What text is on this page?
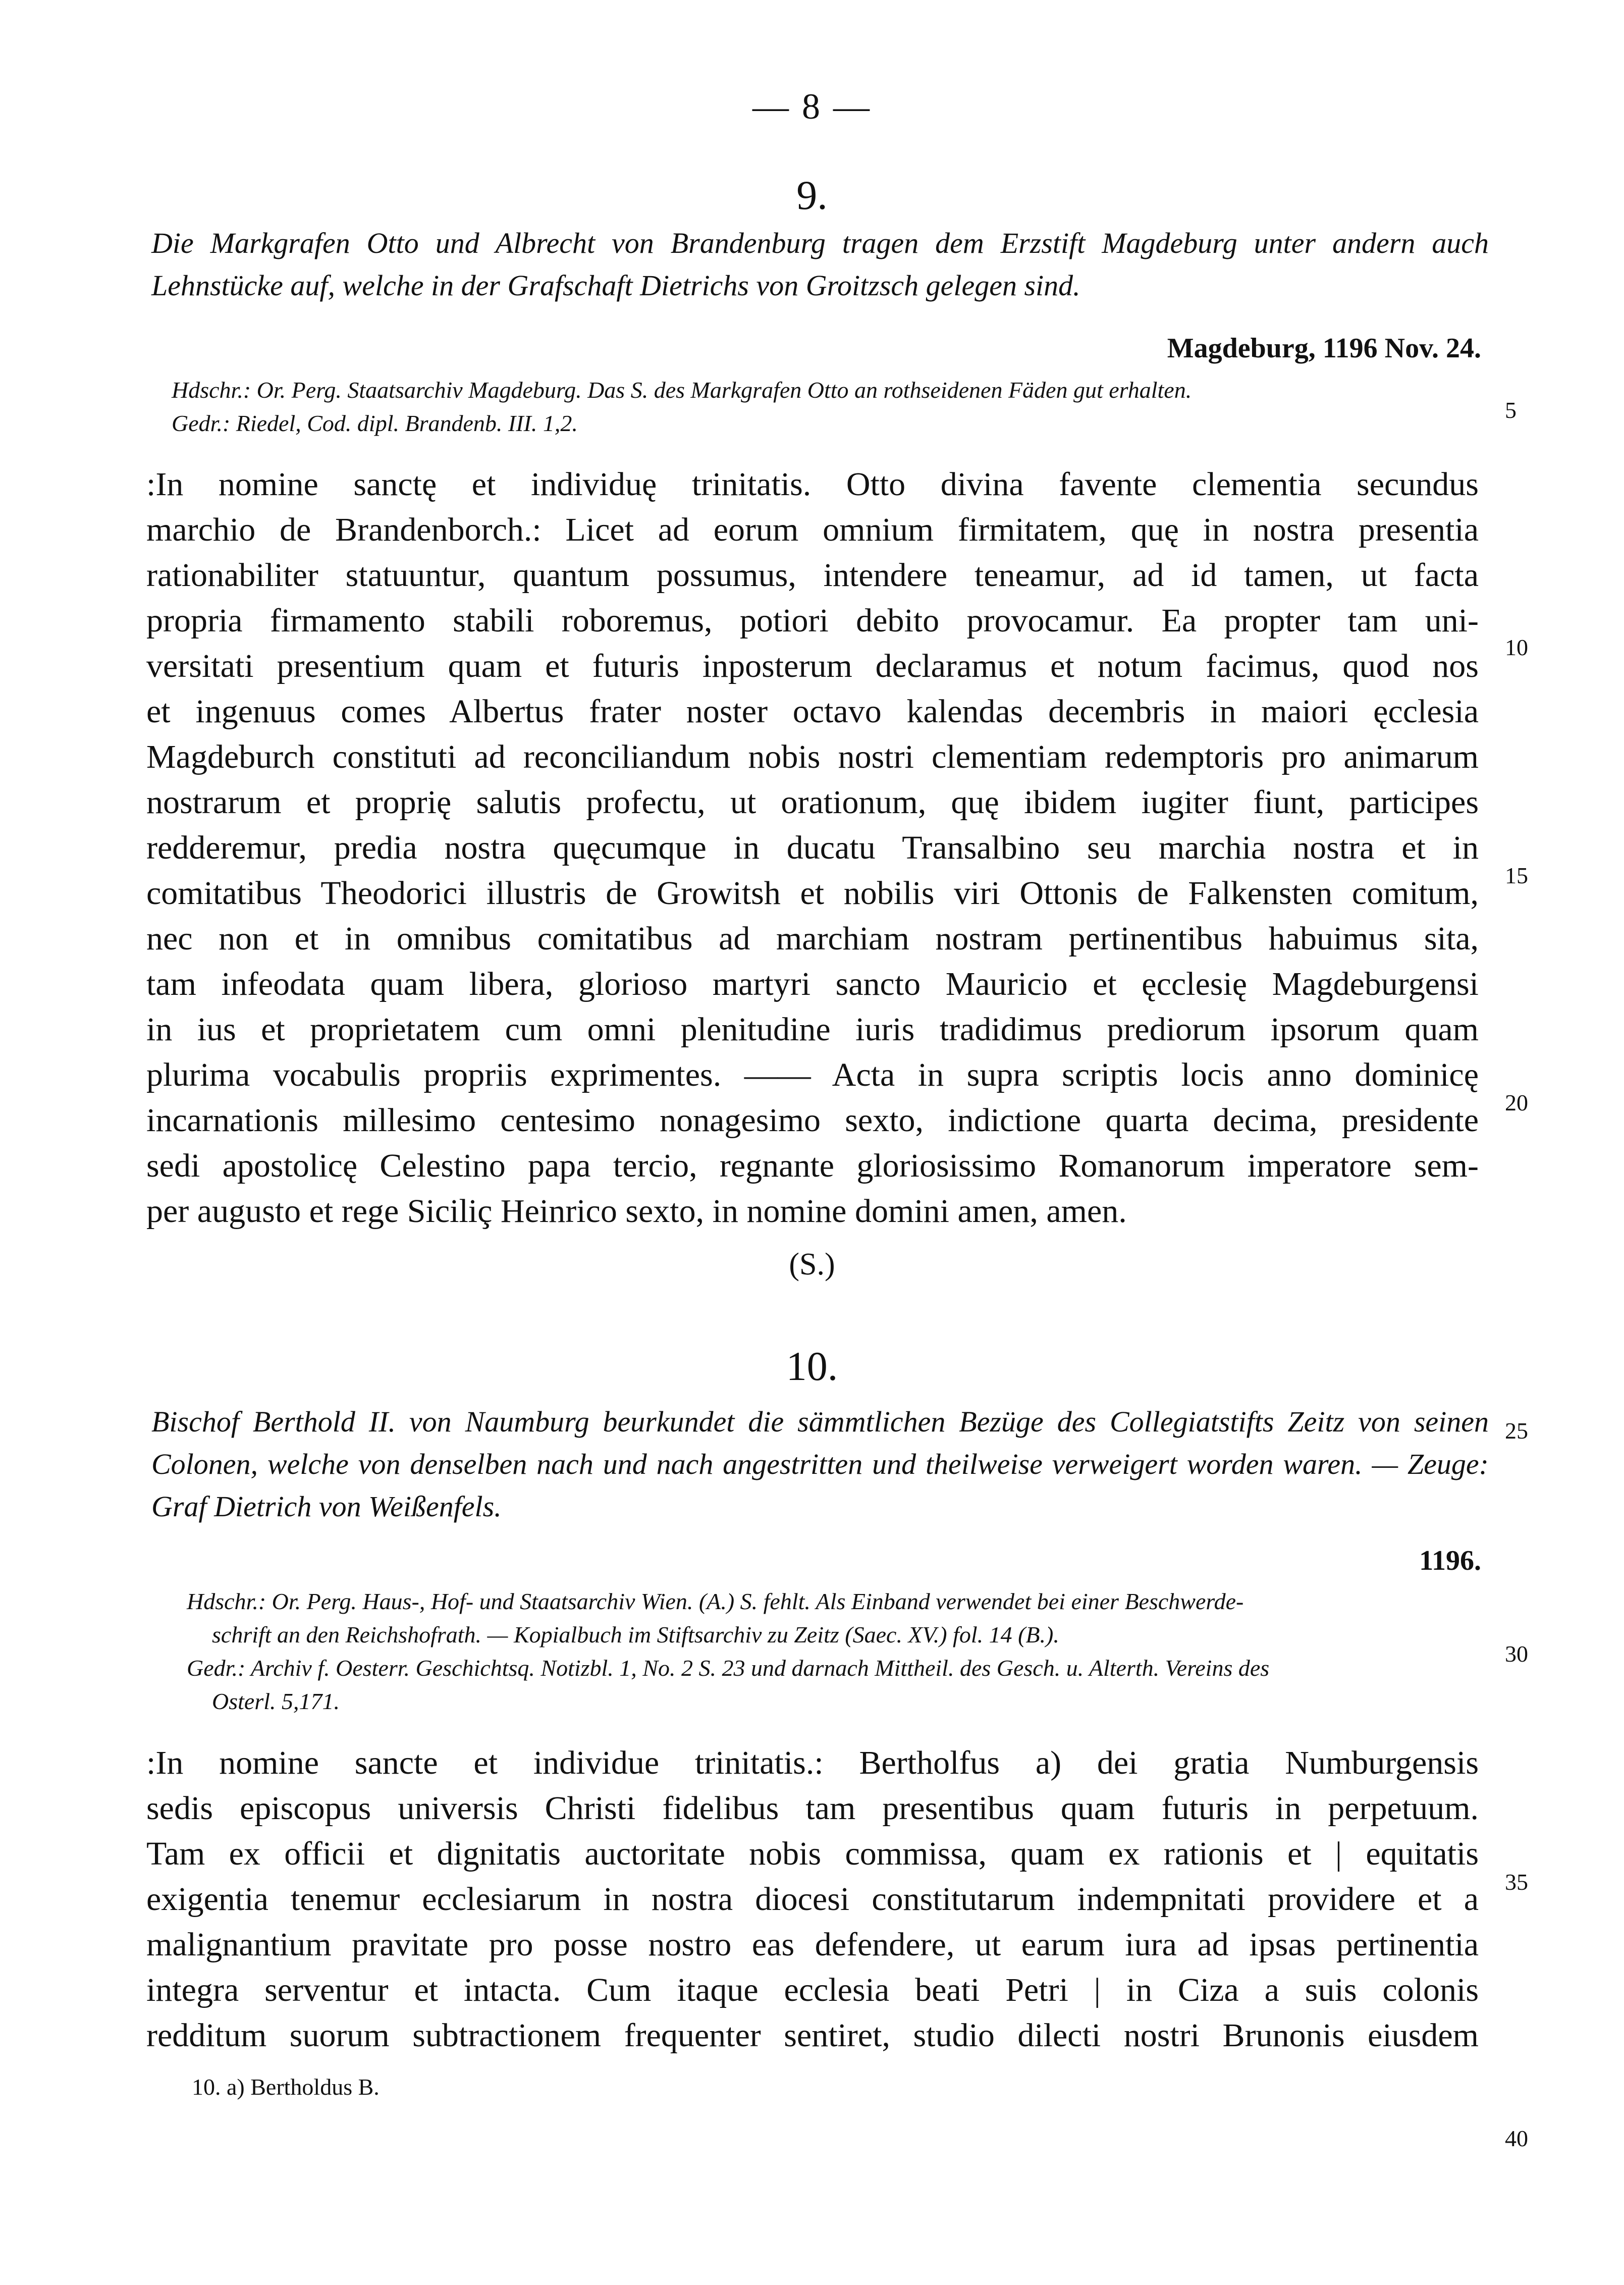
— 8 —
9.
Die Markgrafen Otto und Albrecht von Brandenburg tragen dem Erzstift Magdeburg unter andern auch Lehnstücke auf, welche in der Grafschaft Dietrichs von Groitzsch gelegen sind.
Magdeburg, 1196 Nov. 24.
Hdschr.: Or. Perg. Staatsarchiv Magdeburg. Das S. des Markgrafen Otto an rothseidenen Fäden gut erhalten.
Gedr.: Riedel, Cod. dipl. Brandenb. III. 1,2.
:In nomine sanctę et individuę trinitatis. Otto divina favente clementia secundus
marchio de Brandenborch.: Licet ad eorum omnium firmitatem, quę in nostra presentia
rationabiliter statuuntur, quantum possumus, intendere teneamur, ad id tamen, ut facta
propria firmamento stabili roboremus, potiori debito provocamur. Ea propter tam uni-
versitati presentium quam et futuris inposterum declaramus et notum facimus, quod nos
et ingenuus comes Albertus frater noster octavo kalendas decembris in maiori ęcclesia
Magdeburch constituti ad reconciliandum nobis nostri clementiam redemptoris pro animarum
nostrarum et proprię salutis profectu, ut orationum, quę ibidem iugiter fiunt, participes
redderemur, predia nostra quęcumque in ducatu Transalbino seu marchia nostra et in
comitatibus Theodorici illustris de Growitsh et nobilis viri Ottonis de Falkensten comitum,
nec non et in omnibus comitatibus ad marchiam nostram pertinentibus habuimus sita,
tam infeodata quam libera, glorioso martyri sancto Mauricio et ęcclesię Magdeburgensi
in ius et proprietatem cum omni plenitudine iuris tradidimus prediorum ipsorum quam
plurima vocabulis propriis exprimentes. —— Acta in supra scriptis locis anno dominicę
incarnationis millesimo centesimo nonagesimo sexto, indictione quarta decima, presidente
sedi apostolicę Celestino papa tercio, regnante gloriosissimo Romanorum imperatore sem-
per augusto et rege Siciliç Heinrico sexto, in nomine domini amen, amen.
(S.)
10.
Bischof Berthold II. von Naumburg beurkundet die sämmtlichen Bezüge des Collegiatstifts Zeitz von seinen Colonen, welche von denselben nach und nach angestritten und theilweise verweigert worden waren. — Zeuge: Graf Dietrich von Weißenfels.
1196.
Hdschr.: Or. Perg. Haus-, Hof- und Staatsarchiv Wien. (A.) S. fehlt. Als Einband verwendet bei einer Beschwerde-
schrift an den Reichshofrath. — Kopialbuch im Stiftsarchiv zu Zeitz (Saec. XV.) fol. 14 (B.).
Gedr.: Archiv f. Oesterr. Geschichtsq. Notizbl. 1, No. 2 S. 23 und darnach Mittheil. des Gesch. u. Alterth. Vereins des
Osterl. 5,171.
:In nomine sancte et individue trinitatis.: Bertholfus a) dei gratia Numburgensis
sedis episcopus universis Christi fidelibus tam presentibus quam futuris in perpetuum.
Tam ex officii et dignitatis auctoritate nobis commissa, quam ex rationis et | equitatis
exigentia tenemur ecclesiarum in nostra diocesi constitutarum indempnitati providere et a
malignantium pravitate pro posse nostro eas defendere, ut earum iura ad ipsas pertinentia
integra serventur et intacta. Cum itaque ecclesia beati Petri | in Ciza a suis colonis
redditum suorum subtractionem frequenter sentiret, studio dilecti nostri Brunonis eiusdem
10. a) Bertholdus B.
5
10
15
20
25
30
35
40
